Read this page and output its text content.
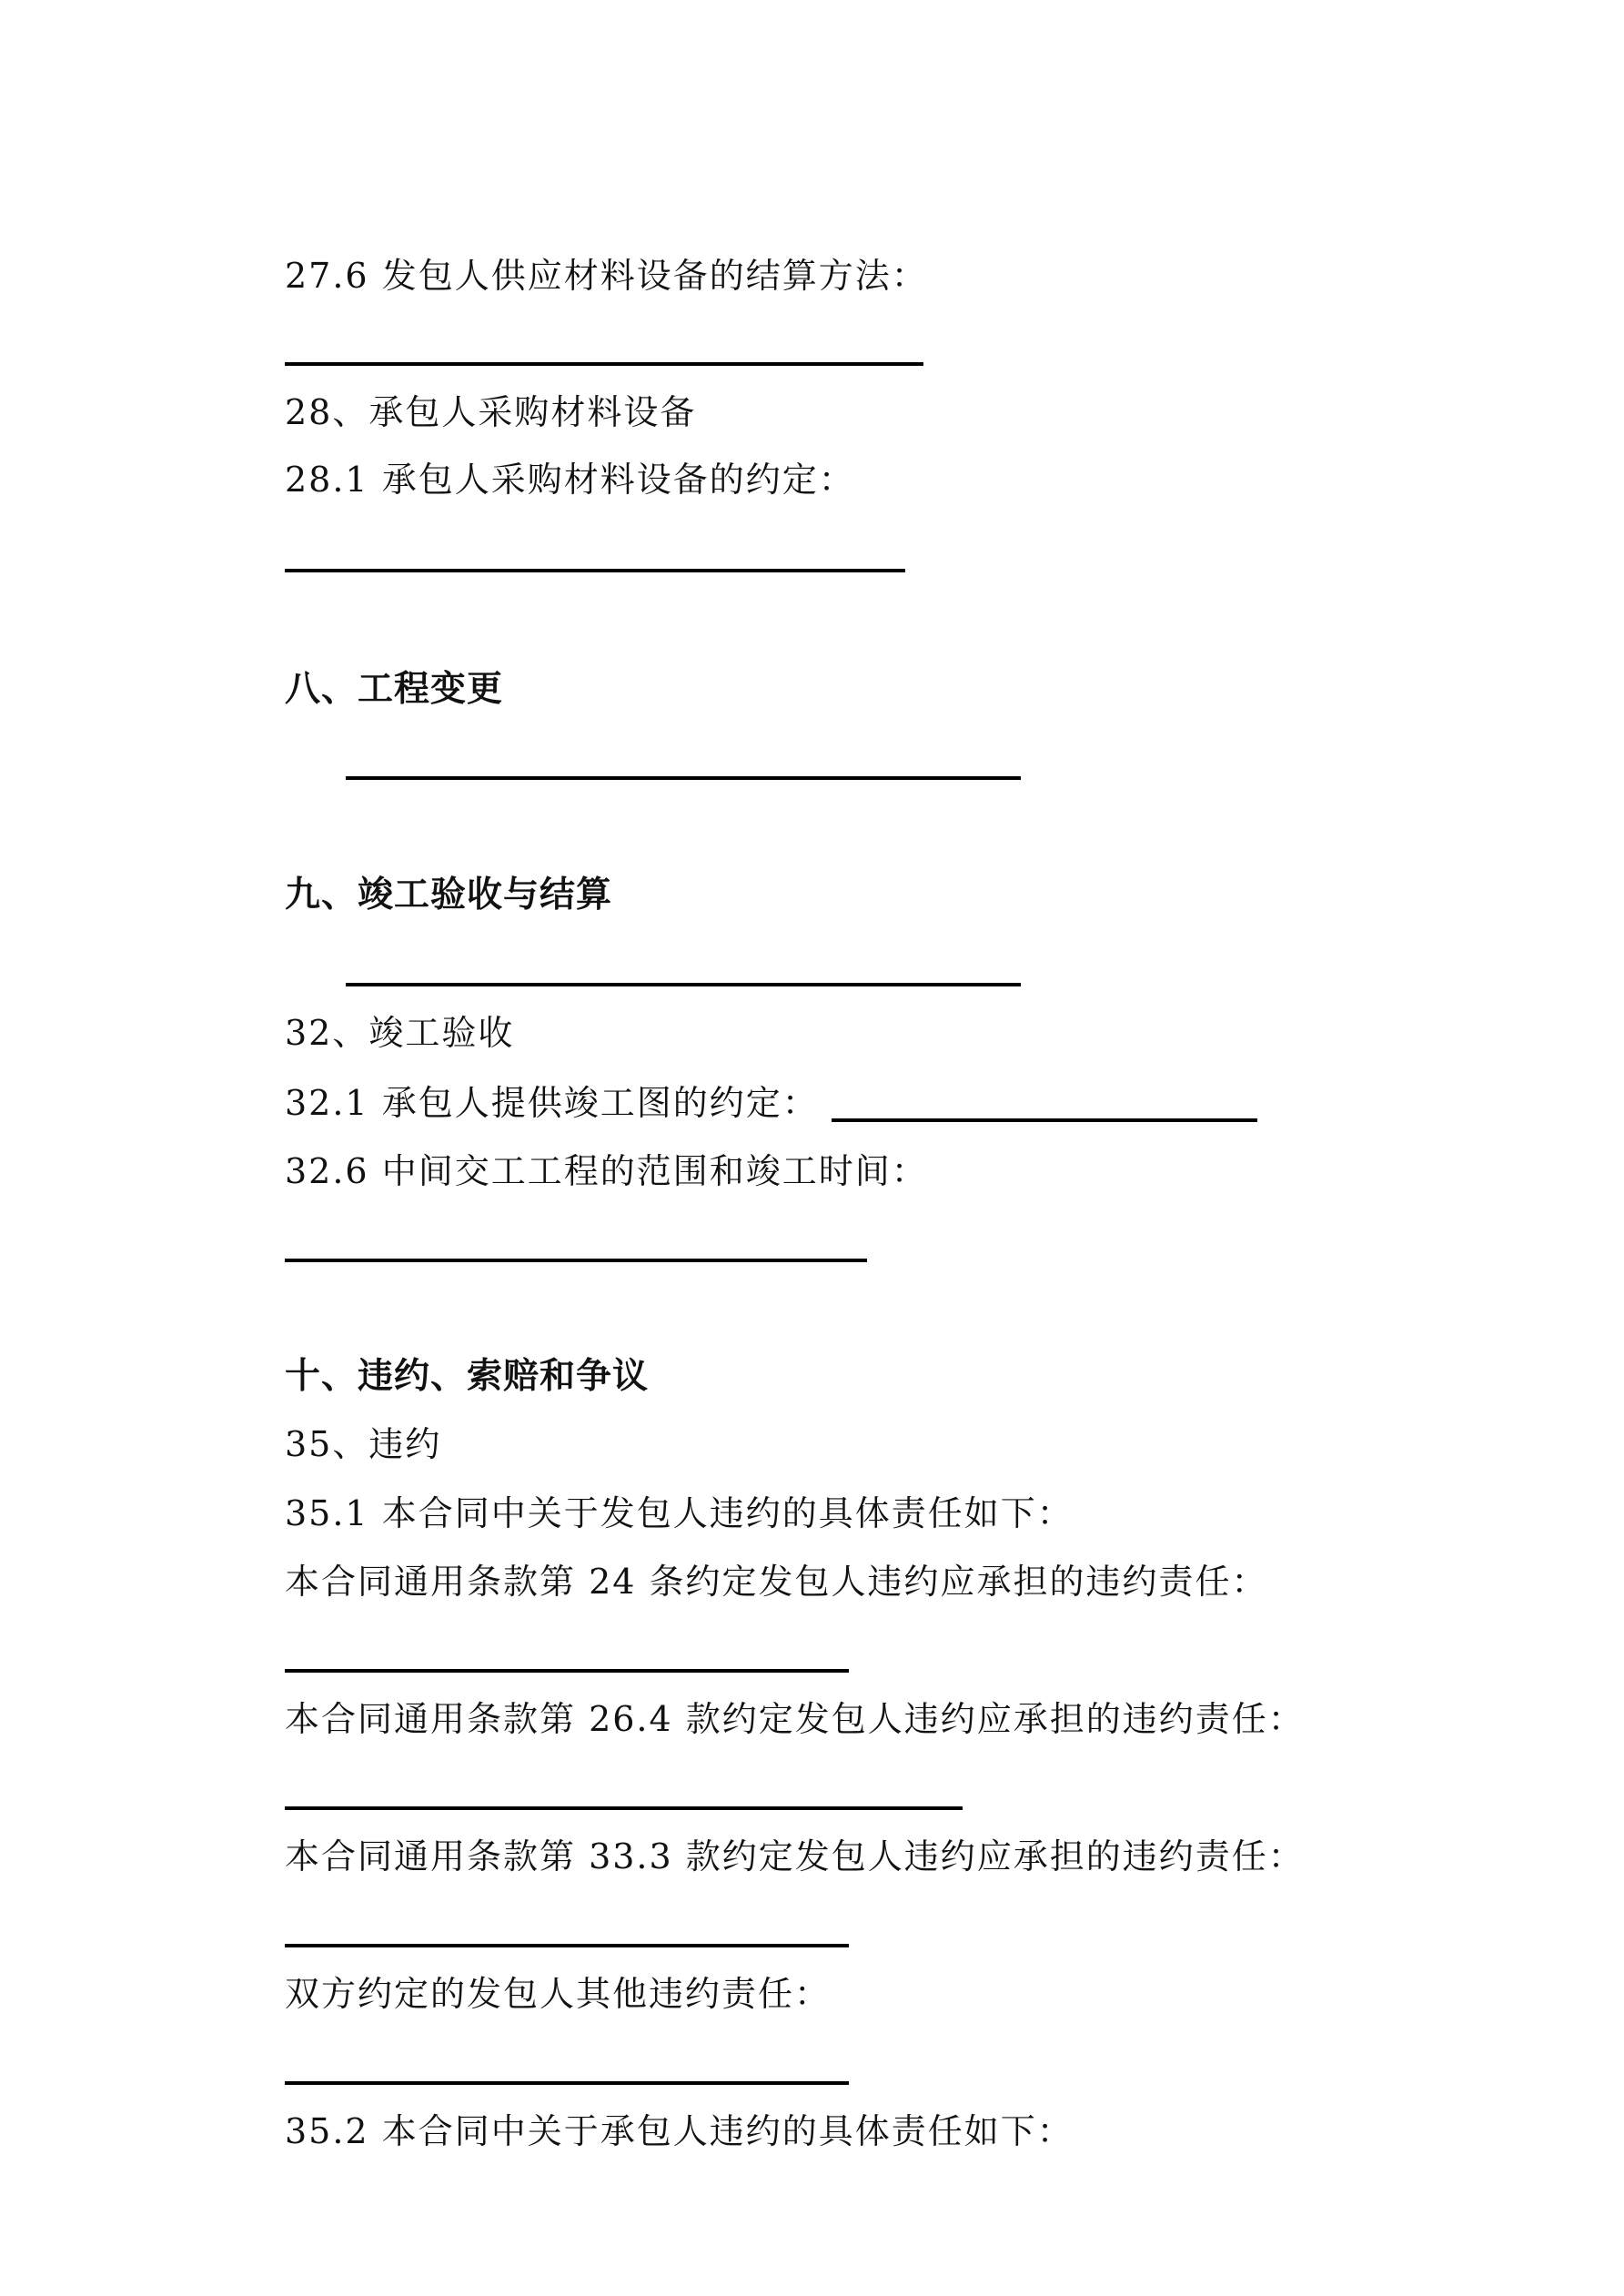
27.6 发包人供应材料设备的结算方法：
28、承包人采购材料设备
28.1 承包人采购材料设备的约定：
八、工程变更
九、竣工验收与结算
32、竣工验收
32.1 承包人提供竣工图的约定：
32.6 中间交工工程的范围和竣工时间：
十、违约、索赔和争议
35、违约
35.1 本合同中关于发包人违约的具体责任如下：
本合同通用条款第 24 条约定发包人违约应承担的违约责任：
本合同通用条款第 26.4 款约定发包人违约应承担的违约责任：
本合同通用条款第 33.3 款约定发包人违约应承担的违约责任：
双方约定的发包人其他违约责任：
35.2 本合同中关于承包人违约的具体责任如下：
